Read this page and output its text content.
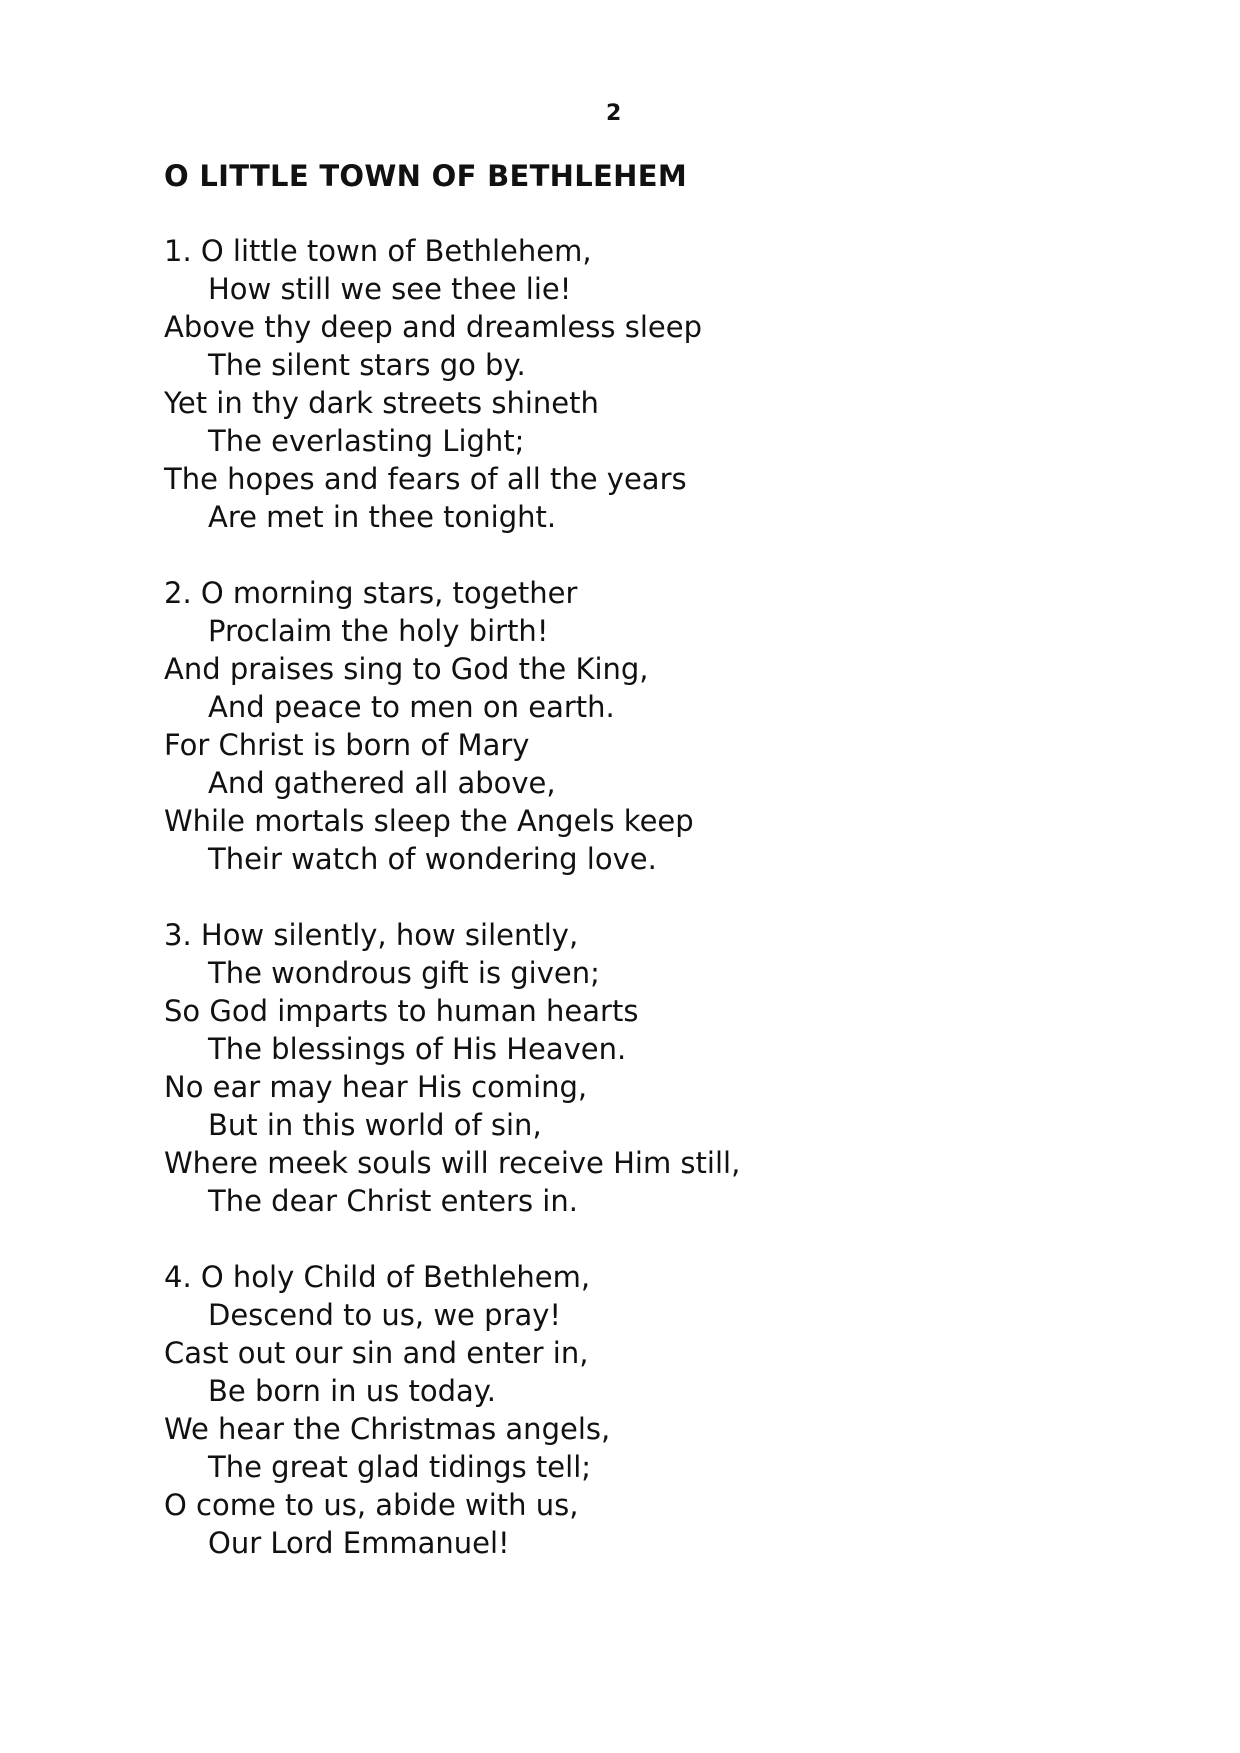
2
O LITTLE TOWN OF BETHLEHEM
1. O little town of Bethlehem,
How still we see thee lie!
Above thy deep and dreamless sleep
The silent stars go by.
Yet in thy dark streets shineth
The everlasting Light;
The hopes and fears of all the years
Are met in thee tonight.
2. O morning stars, together
Proclaim the holy birth!
And praises sing to God the King,
And peace to men on earth.
For Christ is born of Mary
And gathered all above,
While mortals sleep the Angels keep
Their watch of wondering love.
3. How silently, how silently,
The wondrous gift is given;
So God imparts to human hearts
The blessings of His Heaven.
No ear may hear His coming,
But in this world of sin,
Where meek souls will receive Him still,
The dear Christ enters in.
4. O holy Child of Bethlehem,
Descend to us, we pray!
Cast out our sin and enter in,
Be born in us today.
We hear the Christmas angels,
The great glad tidings tell;
O come to us, abide with us,
Our Lord Emmanuel!
